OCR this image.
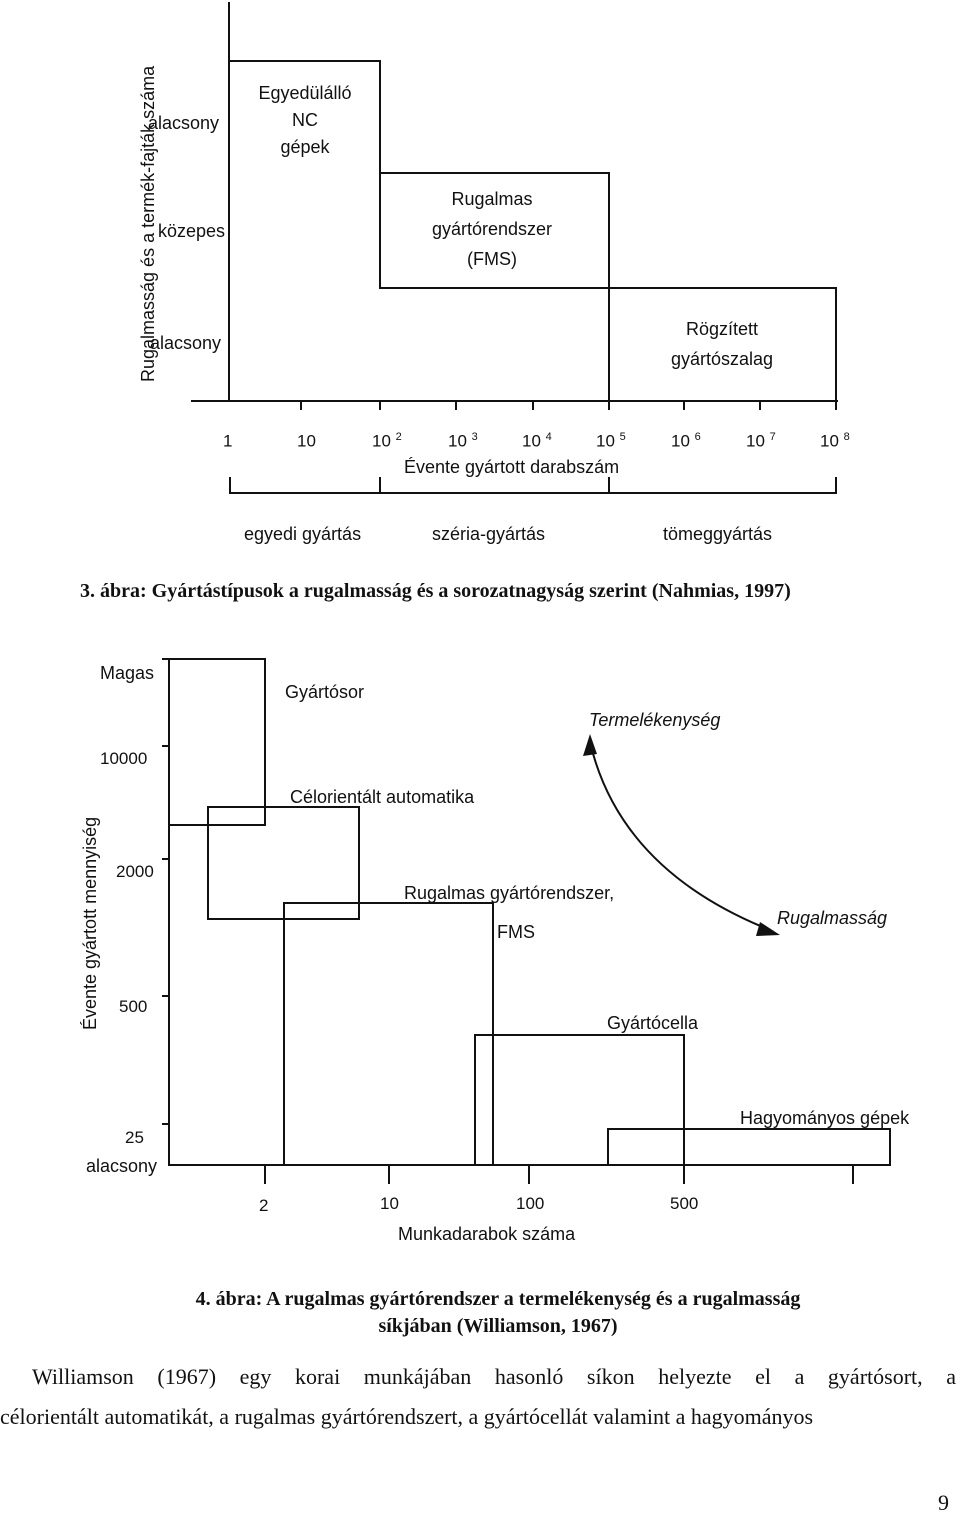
Rugalmasság és a termék-fajták száma
alacsony
közepes
alacsony
Egyedülálló
NC
gépek
Rugalmas
gyártórendszer
(FMS)
Rögzített
gyártószalag
1	10	10 $^2$	10 $^3$	10 $^4$	10 $^5$	10 $^6$	10 $^7$	10 $^8$
Évente gyártott darabszám
egyedi gyártás	széria-gyártás	tömeggyártás
3. ábra: Gyártástípusok a rugalmasság és a sorozatnagyság szerint (Nahmias, 1997)
Évente gyártott mennyiség
Magas
10000
2000
500
25
alacsony
2	10	100	500
Munkadarabok száma
Gyártósor
Célorientált automatika
Rugalmas gyártórendszer,
FMS
Gyártócella
Hagyományos gépek
Termelékenység
Rugalmasság
4. ábra: A rugalmas gyártórendszer a termelékenység és a rugalmasság
síkjában (Williamson, 1967)
Williamson (1967) egy korai munkájában hasonló síkon helyezte el a gyártósort, a
célorientált automatikát, a rugalmas gyártórendszert, a gyártócellát valamint a hagyományos
9
